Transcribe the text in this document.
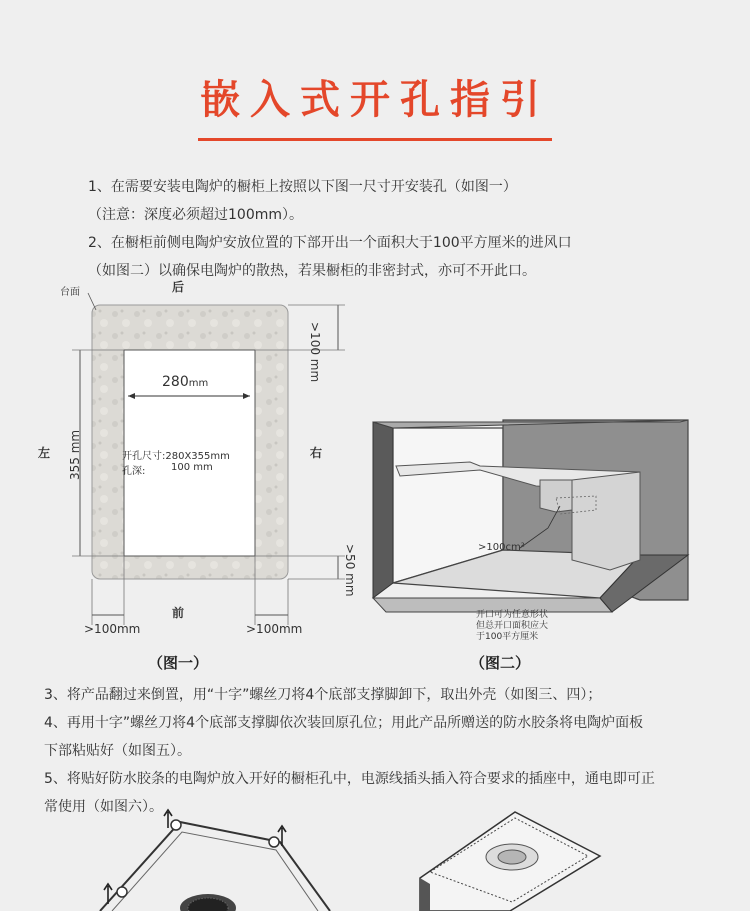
嵌入式开孔指引
1、在需要安装电陶炉的橱柜上按照以下图一尺寸开安装孔（如图一）
（注意：深度必须超过100mm）。
2、在橱柜前侧电陶炉安放位置的下部开出一个面积大于100平方厘米的进风口
（如图二）以确保电陶炉的散热，若果橱柜的非密封式，亦可不开此口。
台面	后
前
左	右
>100 mm
355 mm
>50 mm
280mm
开孔尺寸:280X355mm
孔深:	100 mm
>100mm	>100mm
（图一）
>100cm²
开口可为任意形状
但总开口面积应大
于100平方厘米
（图二）
3、将产品翻过来倒置，用“十字”螺丝刀将4个底部支撑脚卸下，取出外壳（如图三、四）；
4、再用十字”螺丝刀将4个底部支撑脚依次装回原孔位；用此产品所赠送的防水胶条将电陶炉面板
下部粘贴好（如图五）。
5、将贴好防水胶条的电陶炉放入开好的橱柜孔中，电源线插头插入符合要求的插座中，通电即可正
常使用（如图六）。
